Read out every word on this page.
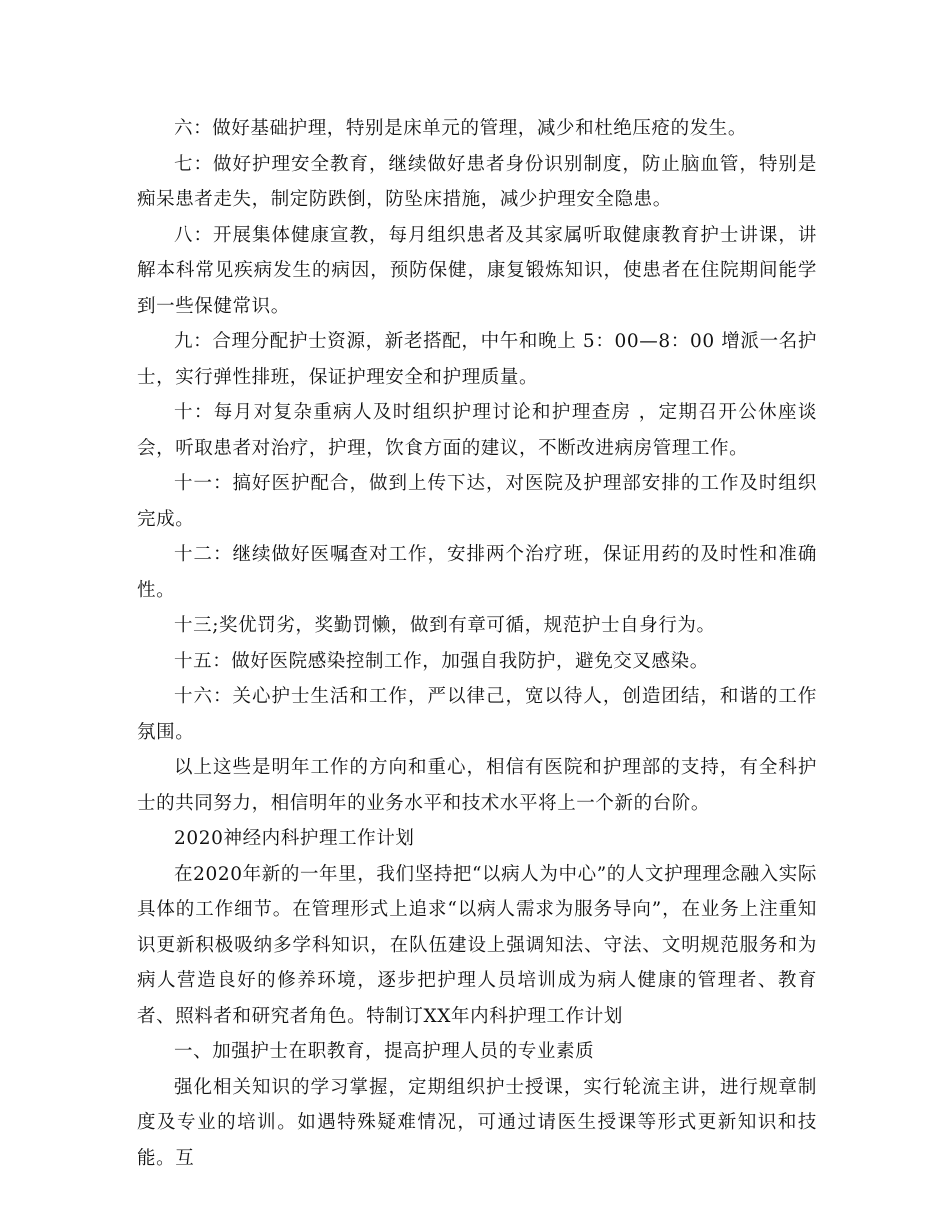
六：做好基础护理，特别是床单元的管理，减少和杜绝压疮的发生。

七：做好护理安全教育，继续做好患者身份识别制度，防止脑血管，特别是痴呆患者走失，制定防跌倒，防坠床措施，减少护理安全隐患。

八：开展集体健康宣教，每月组织患者及其家属听取健康教育护士讲课，讲解本科常见疾病发生的病因，预防保健，康复锻炼知识，使患者在住院期间能学到一些保健常识。

九：合理分配护士资源，新老搭配，中午和晚上 5：00—8：00 增派一名护士，实行弹性排班，保证护理安全和护理质量。

十：每月对复杂重病人及时组织护理讨论和护理查房 ，定期召开公休座谈会，听取患者对治疗，护理，饮食方面的建议，不断改进病房管理工作。

十一：搞好医护配合，做到上传下达，对医院及护理部安排的工作及时组织完成。

十二：继续做好医嘱查对工作，安排两个治疗班，保证用药的及时性和准确性。

十三;奖优罚劣，奖勤罚懒，做到有章可循，规范护士自身行为。

十五：做好医院感染控制工作，加强自我防护，避免交叉感染。

十六：关心护士生活和工作，严以律己，宽以待人，创造团结，和谐的工作氛围。

以上这些是明年工作的方向和重心，相信有医院和护理部的支持，有全科护士的共同努力，相信明年的业务水平和技术水平将上一个新的台阶。

2020神经内科护理工作计划

在2020年新的一年里，我们坚持把“以病人为中心”的人文护理理念融入实际具体的工作细节。在管理形式上追求“以病人需求为服务导向”，在业务上注重知识更新积极吸纳多学科知识，在队伍建设上强调知法、守法、文明规范服务和为病人营造良好的修养环境，逐步把护理人员培训成为病人健康的管理者、教育者、照料者和研究者角色。特制订XX年内科护理工作计划

一、加强护士在职教育，提高护理人员的专业素质

强化相关知识的学习掌握，定期组织护士授课，实行轮流主讲，进行规章制度及专业的培训。如遇特殊疑难情况，可通过请医生授课等形式更新知识和技能。互
